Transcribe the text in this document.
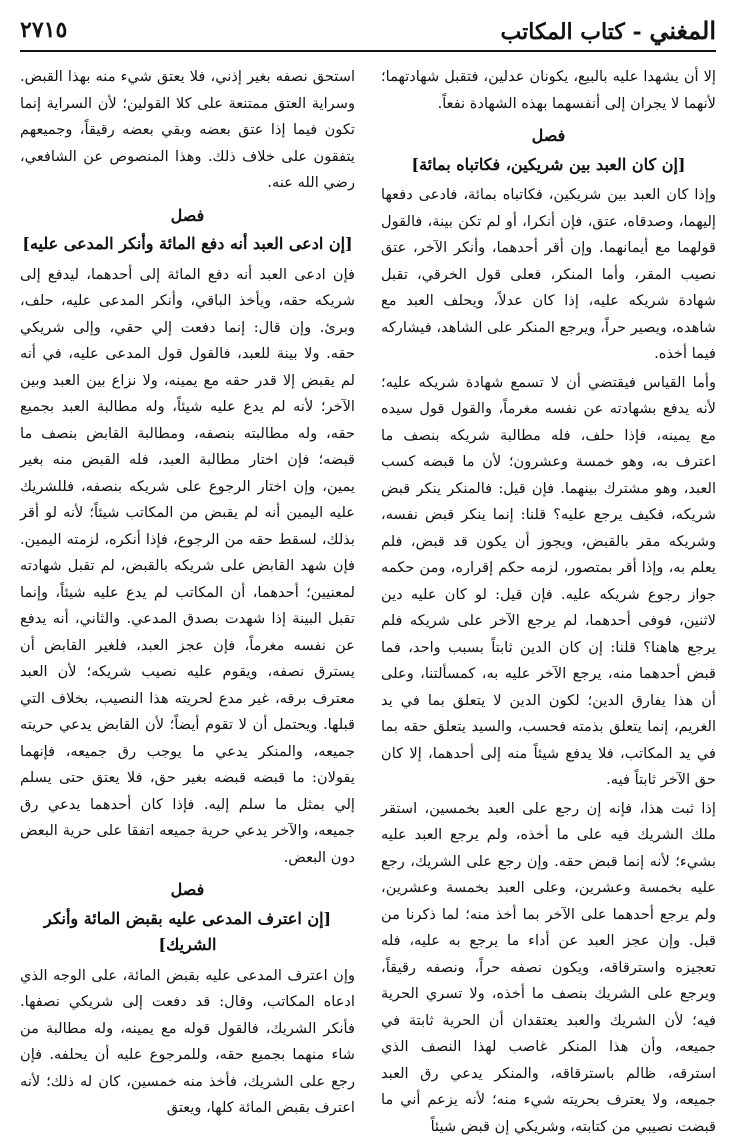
٢٧١٥	المغني - كتاب المكاتب

إلا أن يشهدا عليه بالبيع، يكونان عدلين، فتقبل شهادتهما؛ لأنهما لا يجران إلى أنفسهما بهذه الشهادة نفعاً.

فصل
[إن كان العبد بين شريكين، فكاتباه بمائة]

وإذا كان العبد بين شريكين، فكاتباه بمائة، فادعى دفعها إليهما، وصدقاه، عتق، فإن أنكرا، أو لم تكن بينة، فالقول قولهما مع أيمانهما. وإن أقر أحدهما، وأنكر الآخر، عتق نصيب المقر، وأما المنكر، فعلى قول الخرقي، تقبل شهادة شريكه عليه، إذا كان عدلاً، ويحلف العبد مع شاهده، ويصير حراً، ويرجع المنكر على الشاهد، فيشاركه فيما أخذه.

وأما القياس فيقتضي أن لا تسمع شهادة شريكه عليه؛ لأنه يدفع بشهادته عن نفسه مغرماً، والقول قول سيده مع يمينه، فإذا حلف، فله مطالبة شريكه بنصف ما اعترف به، وهو خمسة وعشرون؛ لأن ما قبضه كسب العبد، وهو مشترك بينهما. فإن قيل: فالمنكر ينكر قبض شريكه، فكيف يرجع عليه؟ قلنا: إنما ينكر قبض نفسه، وشريكه مقر بالقبض، ويجوز أن يكون قد قبض، فلم يعلم به، وإذا أقر بمتصور، لزمه حكم إقراره، ومن حكمه جواز رجوع شريكه عليه. فإن قيل: لو كان عليه دين لاثنين، فوفى أحدهما، لم يرجع الآخر على شريكه فلم يرجع هاهنا؟ قلنا: إن كان الدين ثابتاً بسبب واحد، فما قبض أحدهما منه، يرجع الآخر عليه به، كمسألتنا، وعلى أن هذا يفارق الدين؛ لكون الدين لا يتعلق بما في يد الغريم، إنما يتعلق بذمته فحسب، والسيد يتعلق حقه بما في يد المكاتب، فلا يدفع شيئاً منه إلى أحدهما، إلا كان حق الآخر ثابتاً فيه.

إذا ثبت هذا، فإنه إن رجع على العبد بخمسين، استقر ملك الشريك فيه على ما أخذه، ولم يرجع العبد عليه بشيء؛ لأنه إنما قبض حقه. وإن رجع على الشريك، رجع عليه بخمسة وعشرين، وعلى العبد بخمسة وعشرين، ولم يرجع أحدهما على الآخر بما أخذ منه؛ لما ذكرنا من قبل. وإن عجز العبد عن أداء ما يرجع به عليه، فله تعجيزه واسترقاقه، ويكون نصفه حراً، ونصفه رقيقاً، ويرجع على الشريك بنصف ما أخذه، ولا تسري الحرية فيه؛ لأن الشريك والعبد يعتقدان أن الحرية ثابتة في جميعه، وأن هذا المنكر غاصب لهذا النصف الذي استرقه، ظالم باسترقاقه، والمنكر يدعي رق العبد جميعه، ولا يعترف بحريته شيء منه؛ لأنه يزعم أني ما قبضت نصيبي من كتابته، وشريكي إن قبض شيئاً

استحق نصفه بغير إذني، فلا يعتق شيء منه بهذا القبض. وسراية العتق ممتنعة على كلا القولين؛ لأن السراية إنما تكون فيما إذا عتق بعضه وبقي بعضه رقيقاً، وجميعهم يتفقون على خلاف ذلك. وهذا المنصوص عن الشافعي، رضي الله عنه.

فصل
[إن ادعى العبد أنه دفع المائة وأنكر المدعى عليه]

فإن ادعى العبد أنه دفع المائة إلى أحدهما، ليدفع إلى شريكه حقه، ويأخذ الباقي، وأنكر المدعى عليه، حلف، وبرئ. وإن قال: إنما دفعت إلي حقي، وإلى شريكي حقه. ولا بينة للعبد، فالقول قول المدعى عليه، في أنه لم يقبض إلا قدر حقه مع يمينه، ولا نزاع بين العبد وبين الآخر؛ لأنه لم يدع عليه شيئاً، وله مطالبة العبد بجميع حقه، وله مطالبته بنصفه، ومطالبة القابض بنصف ما قبضه؛ فإن اختار مطالبة العبد، فله القبض منه بغير يمين، وإن اختار الرجوع على شريكه بنصفه، فللشريك عليه اليمين أنه لم يقبض من المكاتب شيئاً؛ لأنه لو أقر بذلك، لسقط حقه من الرجوع، فإذا أنكره، لزمته اليمين. فإن شهد القابض على شريكه بالقبض، لم تقبل شهادته لمعنيين؛ أحدهما، أن المكاتب لم يدع عليه شيئاً، وإنما تقبل البينة إذا شهدت بصدق المدعي. والثاني، أنه يدفع عن نفسه مغرماً، فإن عجز العبد، فلغير القابض أن يسترق نصفه، ويقوم عليه نصيب شريكه؛ لأن العبد معترف برقه، غير مدع لحريته هذا النصيب، بخلاف التي قبلها. ويحتمل أن لا تقوم أيضاً؛ لأن القابض يدعي حريته جميعه، والمنكر يدعي ما يوجب رق جميعه، فإنهما يقولان: ما قبضه قبضه بغير حق، فلا يعتق حتى يسلم إلي بمثل ما سلم إليه. فإذا كان أحدهما يدعي رق جميعه، والآخر يدعي حرية جميعه اتفقا على حرية البعض دون البعض.

فصل
[إن اعترف المدعى عليه بقبض المائة وأنكر الشريك]

وإن اعترف المدعى عليه بقبض المائة، على الوجه الذي ادعاه المكاتب، وقال: قد دفعت إلى شريكي نصفها. فأنكر الشريك، فالقول قوله مع يمينه، وله مطالبة من شاء منهما بجميع حقه، وللمرجوع عليه أن يحلفه. فإن رجع على الشريك، فأخذ منه خمسين، كان له ذلك؛ لأنه اعترف بقبض المائة كلها، ويعتق
